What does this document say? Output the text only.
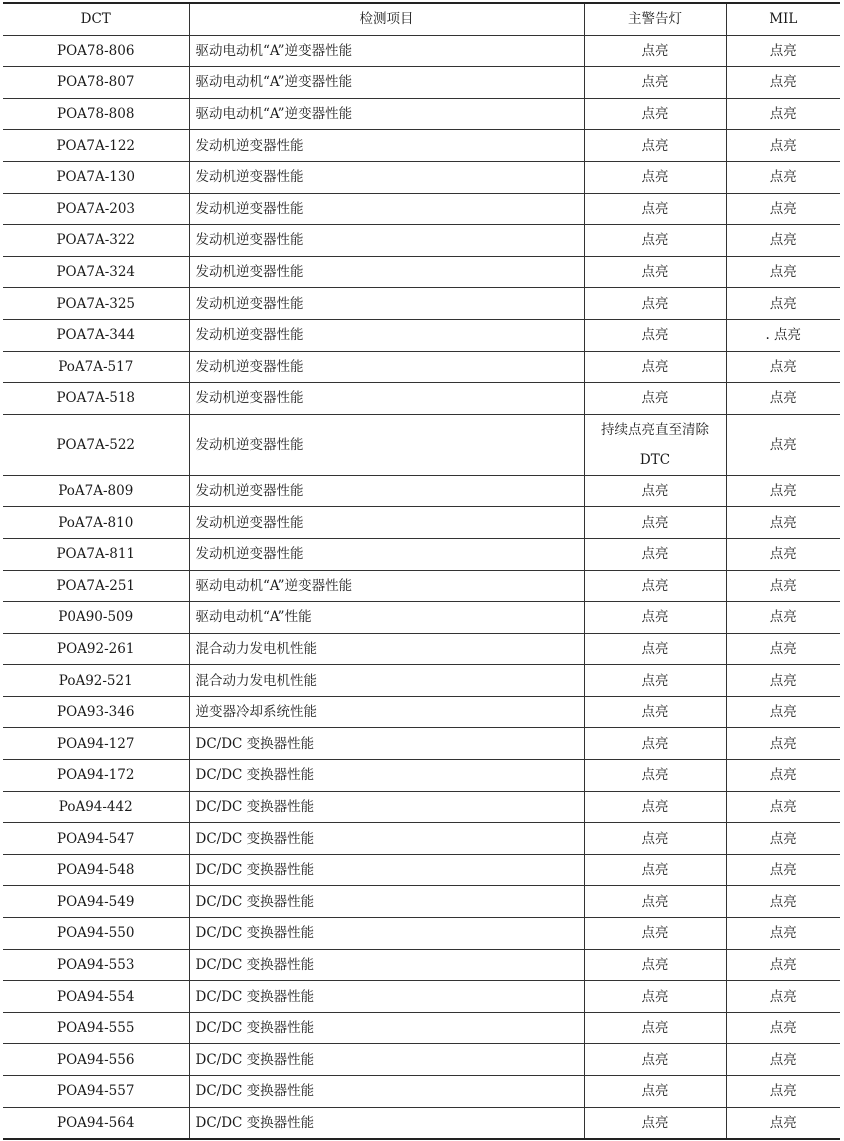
DCT	检测项目	主警告灯	MIL
POA78-806	驱动电动机“A”逆变器性能	点亮	点亮
POA78-807	驱动电动机“A”逆变器性能	点亮	点亮
POA78-808	驱动电动机“A”逆变器性能	点亮	点亮
POA7A-122	发动机逆变器性能	点亮	点亮
POA7A-130	发动机逆变器性能	点亮	点亮
POA7A-203	发动机逆变器性能	点亮	点亮
POA7A-322	发动机逆变器性能	点亮	点亮
POA7A-324	发动机逆变器性能	点亮	点亮
POA7A-325	发动机逆变器性能	点亮	点亮
POA7A-344	发动机逆变器性能	点亮	. 点亮
PoA7A-517	发动机逆变器性能	点亮	点亮
POA7A-518	发动机逆变器性能	点亮	点亮
POA7A-522	发动机逆变器性能	持续点亮直至清除 DTC	点亮
PoA7A-809	发动机逆变器性能	点亮	点亮
PoA7A-810	发动机逆变器性能	点亮	点亮
POA7A-811	发动机逆变器性能	点亮	点亮
POA7A-251	驱动电动机“A”逆变器性能	点亮	点亮
P0A90-509	驱动电动机“A”性能	点亮	点亮
POA92-261	混合动力发电机性能	点亮	点亮
PoA92-521	混合动力发电机性能	点亮	点亮
POA93-346	逆变器冷却系统性能	点亮	点亮
POA94-127	DC/DC 变换器性能	点亮	点亮
POA94-172	DC/DC 变换器性能	点亮	点亮
PoA94-442	DC/DC 变换器性能	点亮	点亮
POA94-547	DC/DC 变换器性能	点亮	点亮
POA94-548	DC/DC 变换器性能	点亮	点亮
POA94-549	DC/DC 变换器性能	点亮	点亮
POA94-550	DC/DC 变换器性能	点亮	点亮
POA94-553	DC/DC 变换器性能	点亮	点亮
POA94-554	DC/DC 变换器性能	点亮	点亮
POA94-555	DC/DC 变换器性能	点亮	点亮
POA94-556	DC/DC 变换器性能	点亮	点亮
POA94-557	DC/DC 变换器性能	点亮	点亮
POA94-564	DC/DC 变换器性能	点亮	点亮
